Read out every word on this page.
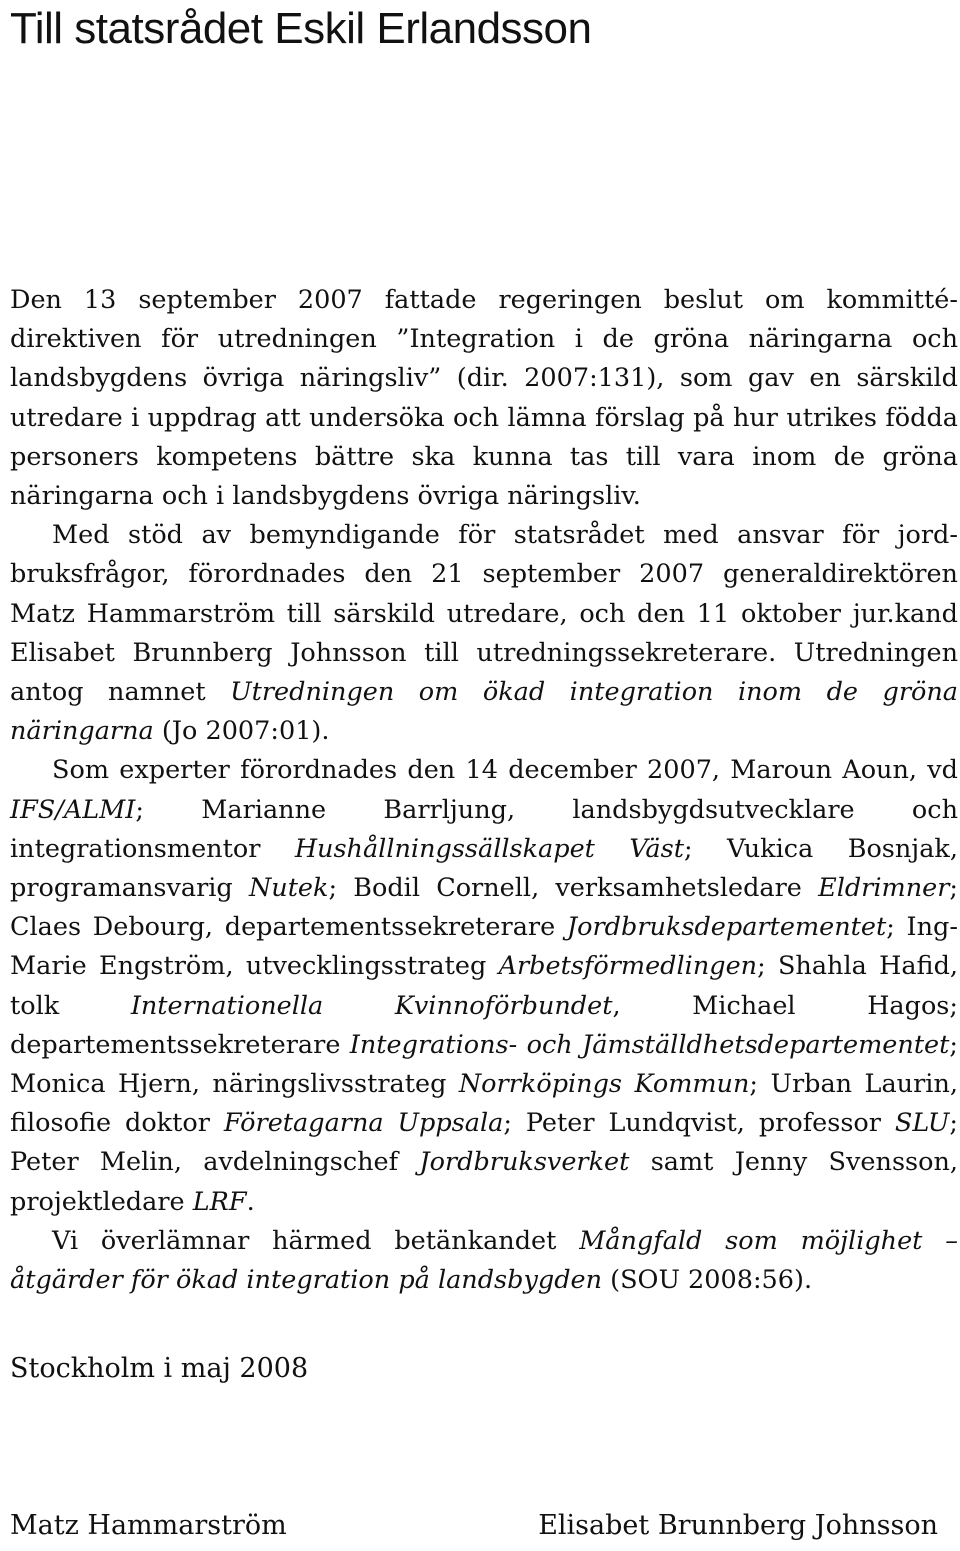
Till statsrådet Eskil Erlandsson

Den 13 september 2007 fattade regeringen beslut om kommittédirektiven för utredningen ”Integration i de gröna näringarna och landsbygdens övriga näringsliv” (dir. 2007:131), som gav en särskild utredare i uppdrag att undersöka och lämna förslag på hur utrikes födda personers kompetens bättre ska kunna tas till vara inom de gröna näringarna och i landsbygdens övriga näringsliv.

Med stöd av bemyndigande för statsrådet med ansvar för jordbruksfrågor, förordnades den 21 september 2007 generaldirektören Matz Hammarström till särskild utredare, och den 11 oktober jur.kand Elisabet Brunnberg Johnsson till utredningssekreterare. Utredningen antog namnet Utredningen om ökad integration inom de gröna näringarna (Jo 2007:01).

Som experter förordnades den 14 december 2007, Maroun Aoun, vd IFS/ALMI; Marianne Barrljung, landsbygdsutvecklare och integrationsmentor Hushållningssällskapet Väst; Vukica Bosnjak, programansvarig Nutek; Bodil Cornell, verksamhetsledare Eldrimner; Claes Debourg, departementssekreterare Jordbruksdepartementet; Ing-Marie Engström, utvecklingsstrateg Arbetsförmedlingen; Shahla Hafid, tolk Internationella Kvinnoförbundet, Michael Hagos; departementssekreterare Integrations- och Jämställdhetsdepartementet; Monica Hjern, näringslivsstrateg Norrköpings Kommun; Urban Laurin, filosofie doktor Företagarna Uppsala; Peter Lundqvist, professor SLU; Peter Melin, avdelningschef Jordbruksverket samt Jenny Svensson, projektledare LRF.

Vi överlämnar härmed betänkandet Mångfald som möjlighet – åtgärder för ökad integration på landsbygden (SOU 2008:56).

Stockholm i maj 2008
Matz Hammarström	Elisabet Brunnberg Johnsson
